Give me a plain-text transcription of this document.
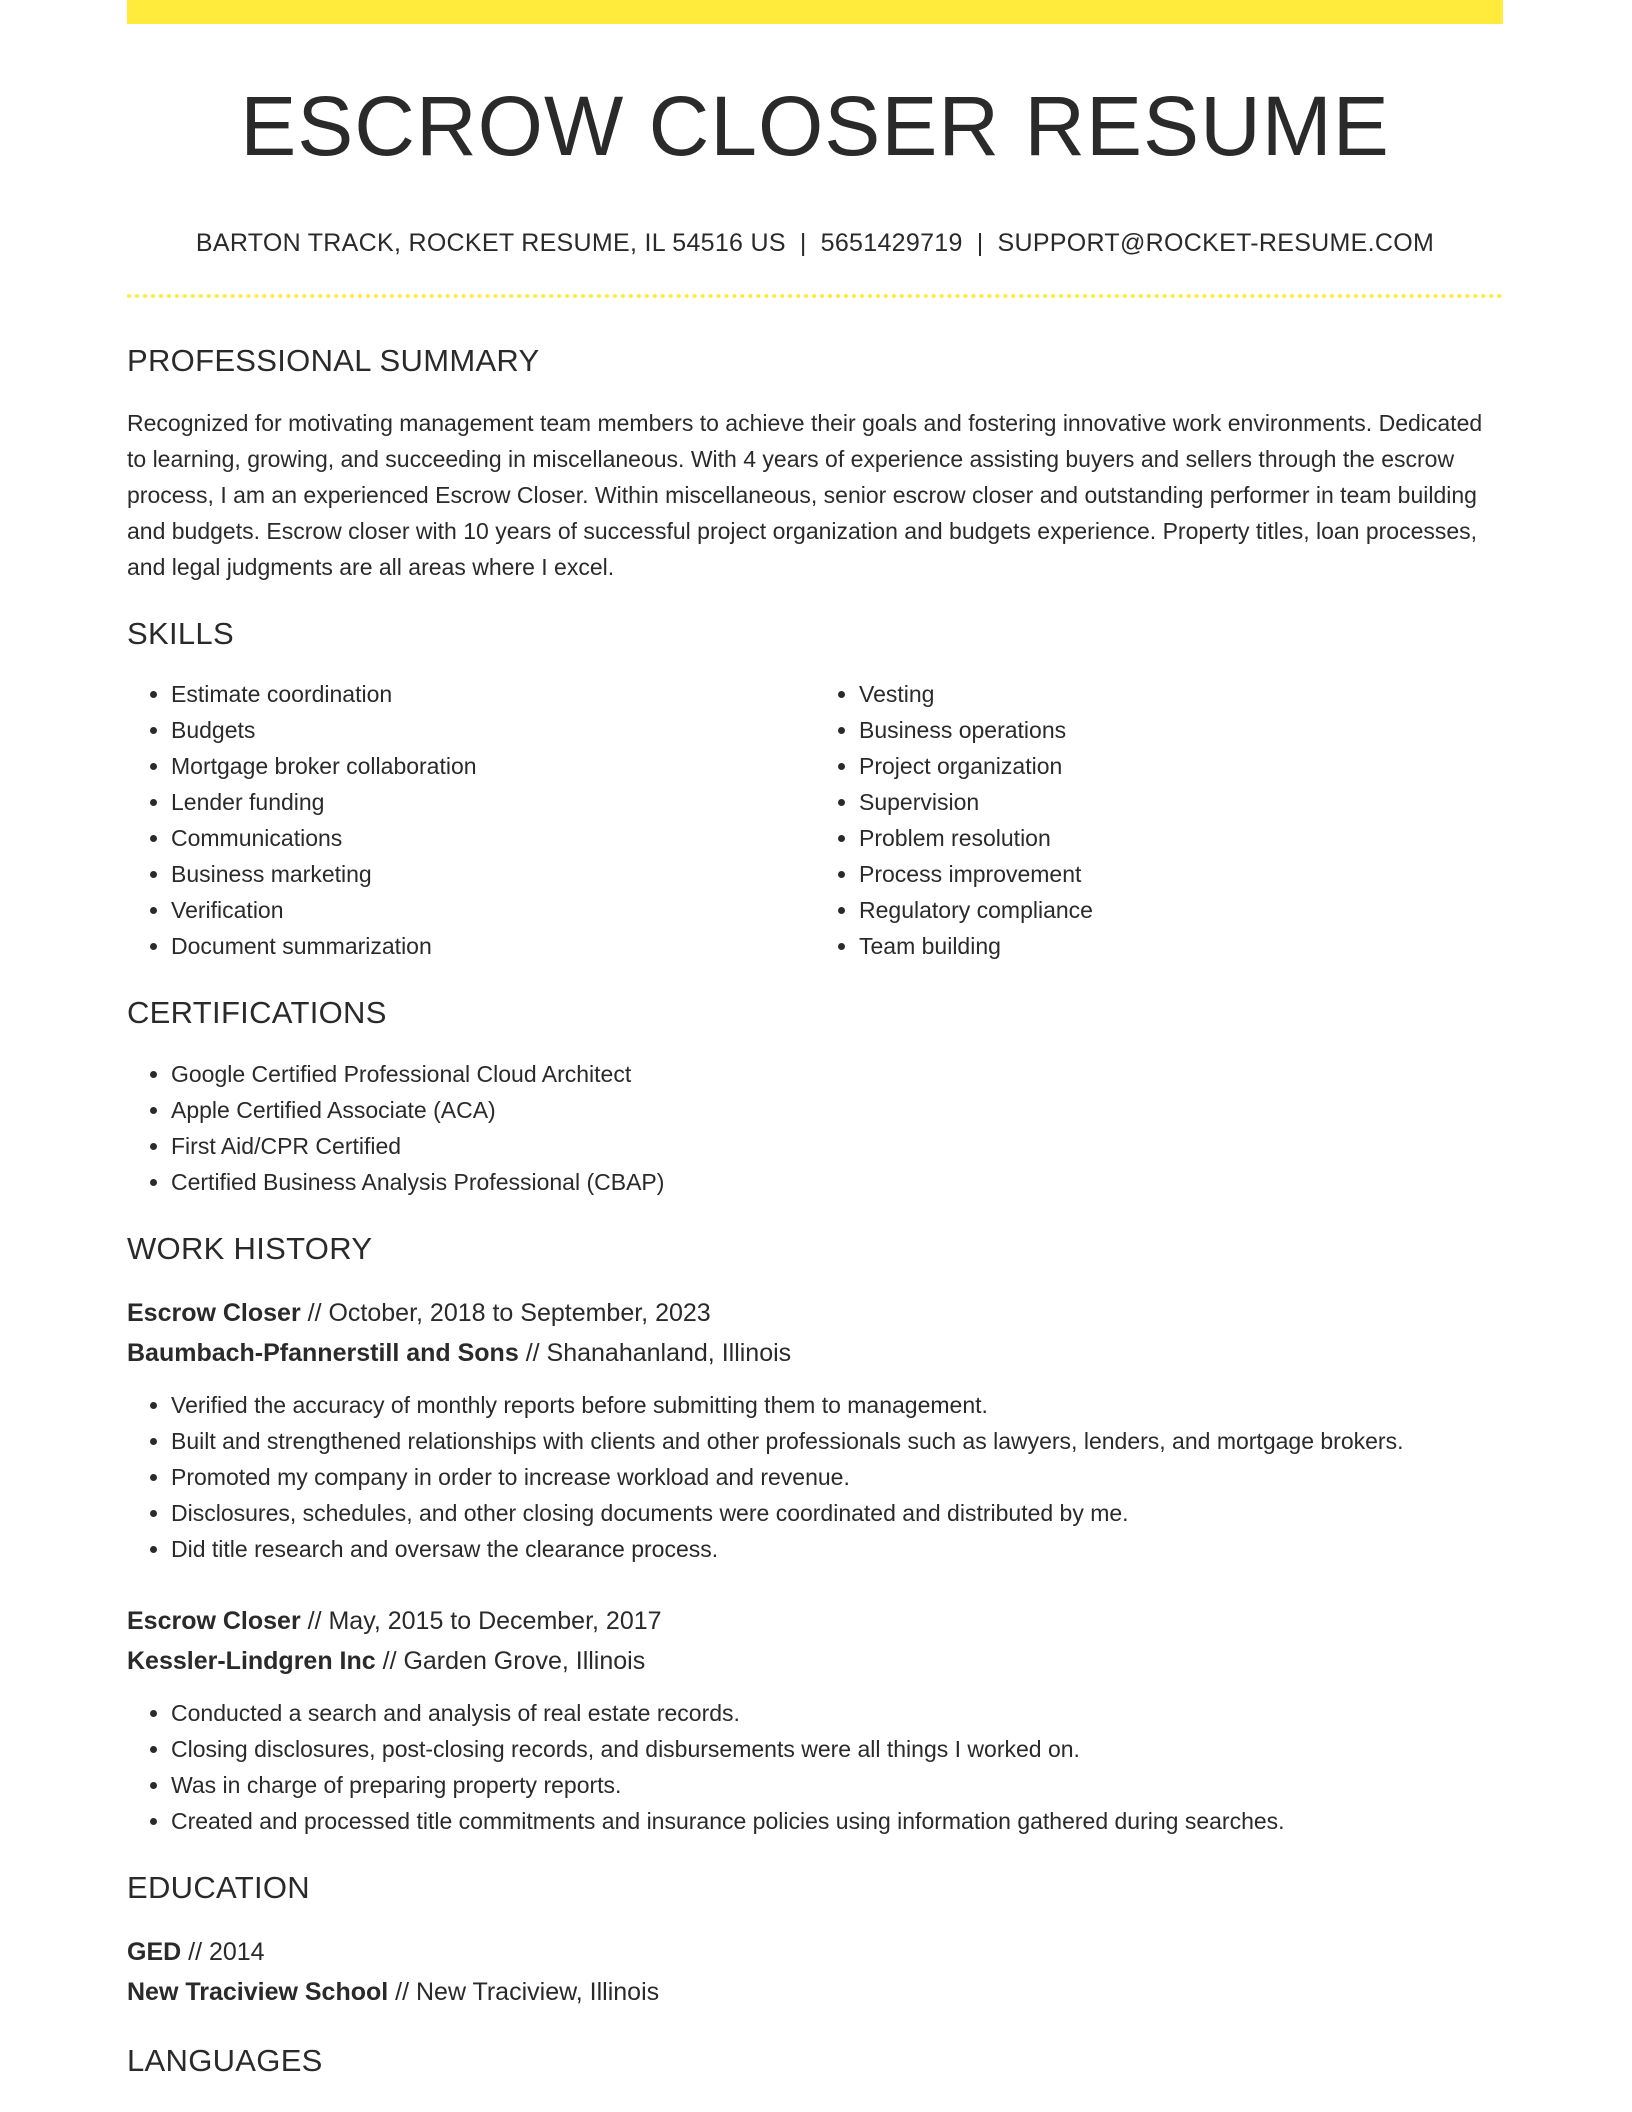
ESCROW CLOSER RESUME
BARTON TRACK, ROCKET RESUME, IL 54516 US | 5651429719 | SUPPORT@ROCKET-RESUME.COM
PROFESSIONAL SUMMARY

Recognized for motivating management team members to achieve their goals and fostering innovative work environments. Dedicated to learning, growing, and succeeding in miscellaneous. With 4 years of experience assisting buyers and sellers through the escrow process, I am an experienced Escrow Closer. Within miscellaneous, senior escrow closer and outstanding performer in team building and budgets. Escrow closer with 10 years of successful project organization and budgets experience. Property titles, loan processes, and legal judgments are all areas where I excel.

SKILLS
• Estimate coordination
• Budgets
• Mortgage broker collaboration
• Lender funding
• Communications
• Business marketing
• Verification
• Document summarization
• Vesting
• Business operations
• Project organization
• Supervision
• Problem resolution
• Process improvement
• Regulatory compliance
• Team building
CERTIFICATIONS
• Google Certified Professional Cloud Architect
• Apple Certified Associate (ACA)
• First Aid/CPR Certified
• Certified Business Analysis Professional (CBAP)
WORK HISTORY
Escrow Closer // October, 2018 to September, 2023
Baumbach-Pfannerstill and Sons // Shanahanland, Illinois
• Verified the accuracy of monthly reports before submitting them to management.
• Built and strengthened relationships with clients and other professionals such as lawyers, lenders, and mortgage brokers.
• Promoted my company in order to increase workload and revenue.
• Disclosures, schedules, and other closing documents were coordinated and distributed by me.
• Did title research and oversaw the clearance process.
Escrow Closer // May, 2015 to December, 2017
Kessler-Lindgren Inc // Garden Grove, Illinois
• Conducted a search and analysis of real estate records.
• Closing disclosures, post-closing records, and disbursements were all things I worked on.
• Was in charge of preparing property reports.
• Created and processed title commitments and insurance policies using information gathered during searches.
EDUCATION
GED // 2014
New Traciview School // New Traciview, Illinois
LANGUAGES
